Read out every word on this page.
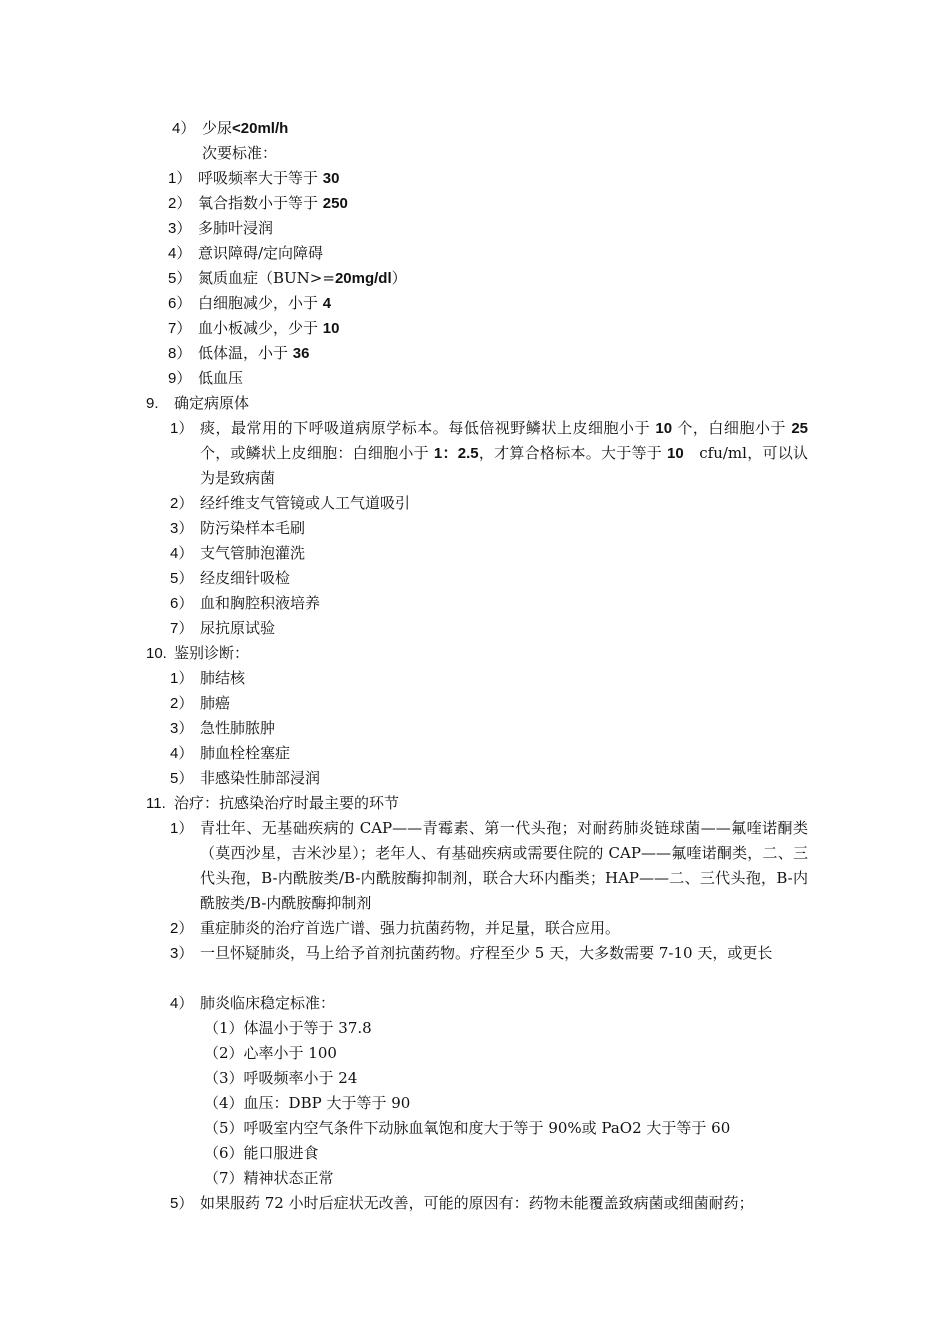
4） 少尿<20ml/h
次要标准：
1） 呼吸频率大于等于 30
2） 氧合指数小于等于 250
3） 多肺叶浸润
4） 意识障碍/定向障碍
5） 氮质血症（BUN>=20mg/dl）
6） 白细胞减少，小于 4
7） 血小板减少，少于 10
8） 低体温，小于 36
9） 低血压
9.	确定病原体
1） 痰，最常用的下呼吸道病原学标本。每低倍视野鳞状上皮细胞小于 10 个，白细胞小于 25 个，或鳞状上皮细胞：白细胞小于 1：2.5，才算合格标本。大于等于 10　cfu/ml，可以认为是致病菌
2） 经纤维支气管镜或人工气道吸引
3） 防污染样本毛刷
4） 支气管肺泡灌洗
5） 经皮细针吸检
6） 血和胸腔积液培养
7） 尿抗原试验
10. 鉴别诊断：
1） 肺结核
2） 肺癌
3） 急性肺脓肿
4） 肺血栓栓塞症
5） 非感染性肺部浸润
11. 治疗：抗感染治疗时最主要的环节
1） 青壮年、无基础疾病的 CAP——青霉素、第一代头孢；对耐药肺炎链球菌——氟喹诺酮类（莫西沙星，吉米沙星）；老年人、有基础疾病或需要住院的 CAP——氟喹诺酮类，二、三代头孢，B-内酰胺类/B-内酰胺酶抑制剂，联合大环内酯类；HAP——二、三代头孢，B-内酰胺类/B-内酰胺酶抑制剂
2） 重症肺炎的治疗首选广谱、强力抗菌药物，并足量，联合应用。
3） 一旦怀疑肺炎，马上给予首剂抗菌药物。疗程至少 5 天，大多数需要 7-10 天，或更长
4） 肺炎临床稳定标准：
（1）体温小于等于 37.8
（2）心率小于 100
（3）呼吸频率小于 24
（4）血压：DBP 大于等于 90
（5）呼吸室内空气条件下动脉血氧饱和度大于等于 90%或 PaO2 大于等于 60
（6）能口服进食
（7）精神状态正常
5） 如果服药 72 小时后症状无改善，可能的原因有：药物未能覆盖致病菌或细菌耐药；
